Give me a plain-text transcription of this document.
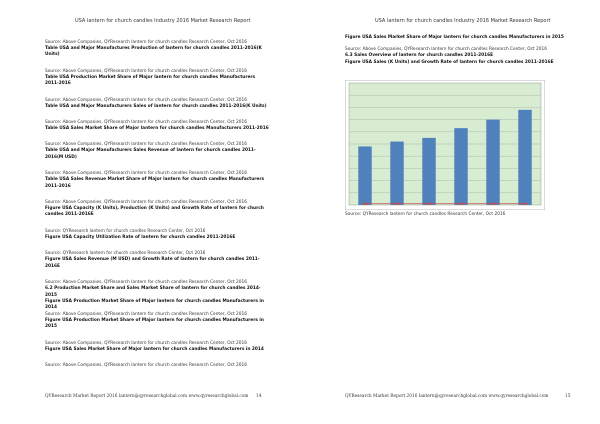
USA lantern for church candles Industry 2016 Market Research Report
Source: Above Companies, QYResearch lantern for church candles Research Center, Oct 2016
Table USA and Major Manufactures Production of lantern for church candles 2011-2016(K Units)
Source: Above Companies, QYResearch lantern for church candles Research Center, Oct 2016
Table USA Production Market Share of Major lantern for church candles Manufacturers 2011-2016
Source: Above Companies, QYResearch lantern for church candles Research Center, Oct 2016
Table USA and Major Manufacturers Sales of lantern for church candles 2011-2016(K Units)
Source: Above Companies, QYResearch lantern for church candles Research Center, Oct 2016
Table USA Sales Market Share of Major lantern for church candles Manufacturers 2011-2016
Source: Above Companies, QYResearch lantern for church candles Research Center, Oct 2016
Table USA and Major Manufacturers Sales Revenue of lantern for church candles 2011-2016(M USD)
Source: Above Companies, QYResearch lantern for church candles Research Center, Oct 2016
Table USA Sales Revenue Market Share of Major lantern for church candles Manufacturers 2011-2016
Source: Above Companies, QYResearch lantern for church candles Research Center, Oct 2016
Figure USA Capacity (K Units), Production (K Units) and Growth Rate of lantern for church candles 2011-2016E
Source: QYResearch lantern for church candles Research Center, Oct 2016
Figure USA Capacity Utilization Rate of lantern for church candles 2011-2016E
Source: QYResearch lantern for church candles Research Center, Oct 2016
Figure USA Sales Revenue (M USD) and Growth Rate of lantern for church candles 2011-2016E
Source: Above Companies, QYResearch lantern for church candles Research Center, Oct 2016
6.2 Production Market Share and Sales Market Share of lantern for church candles 2014-2015
Figure USA Production Market Share of Major lantern for church candles Manufacturers in 2014
Source: Above Companies, QYResearch lantern for church candles Research Center, Oct 2016
Figure USA Production Market Share of Major lantern for church candles Manufacturers in 2015
Source: Above Companies, QYResearch lantern for church candles Research Center, Oct 2016
Figure USA Sales Market Share of Major lantern for church candles Manufacturers in 2014
Source: Above Companies, QYResearch lantern for church candles Research Center, Oct 2016
QYResearch Market Report 2016 lantern@qyresearchglobal.com www.qyresearchglobal.com 14
USA lantern for church candles Industry 2016 Market Research Report
Figure USA Sales Market Share of Major lantern for church candles Manufacturers in 2015
Source: Above Companies, QYResearch lantern for church candles Research Center, Oct 2016
6.3 Sales Overview of lantern for church candles 2011-2016E
Figure USA Sales (K Units) and Growth Rate of lantern for church candles 2011-2016E
Source: QYResearch lantern for church candles Research Center, Oct 2016
QYResearch Market Report 2016 lantern@qyresearchglobal.com www.qyresearchglobal.com	15
